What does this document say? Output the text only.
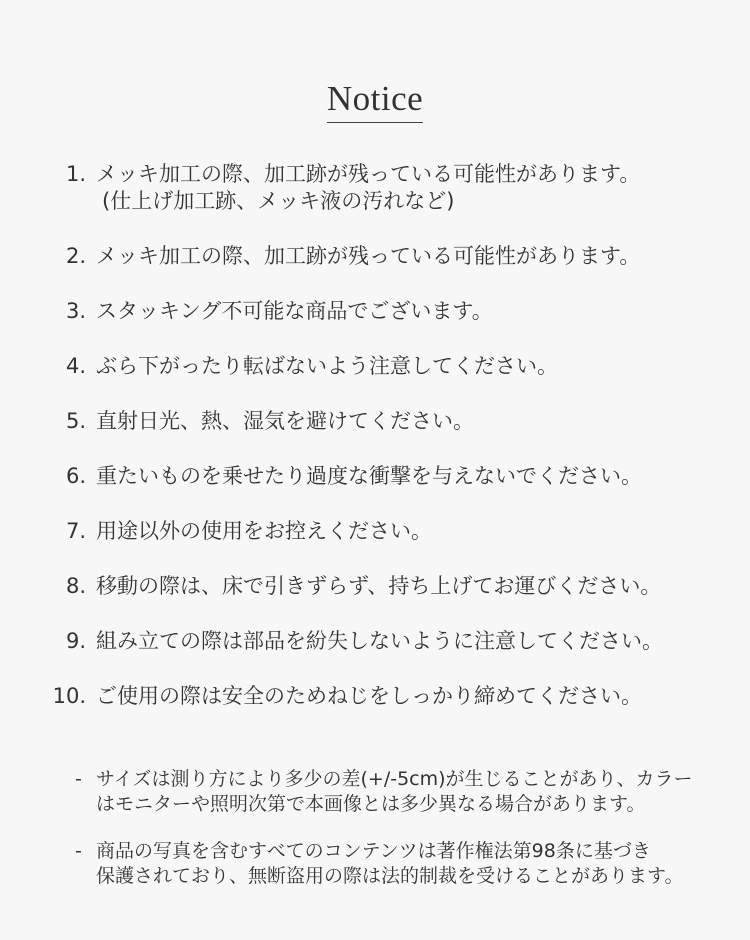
Notice
1. メッキ加工の際、加工跡が残っている可能性があります。
(仕上げ加工跡、メッキ液の汚れなど)
2. メッキ加工の際、加工跡が残っている可能性があります。
3. スタッキング不可能な商品でございます。
4. ぶら下がったり転ばないよう注意してください。
5. 直射日光、熱、湿気を避けてください。
6. 重たいものを乗せたり過度な衝撃を与えないでください。
7. 用途以外の使用をお控えください。
8. 移動の際は、床で引きずらず、持ち上げてお運びください。
9. 組み立ての際は部品を紛失しないように注意してください。
10. ご使用の際は安全のためねじをしっかり締めてください。
- サイズは測り方により多少の差(+/-5cm)が生じることがあり、カラー
はモニターや照明次第で本画像とは多少異なる場合があります。
- 商品の写真を含むすべてのコンテンツは著作権法第98条に基づき
保護されており、無断盗用の際は法的制裁を受けることがあります。
